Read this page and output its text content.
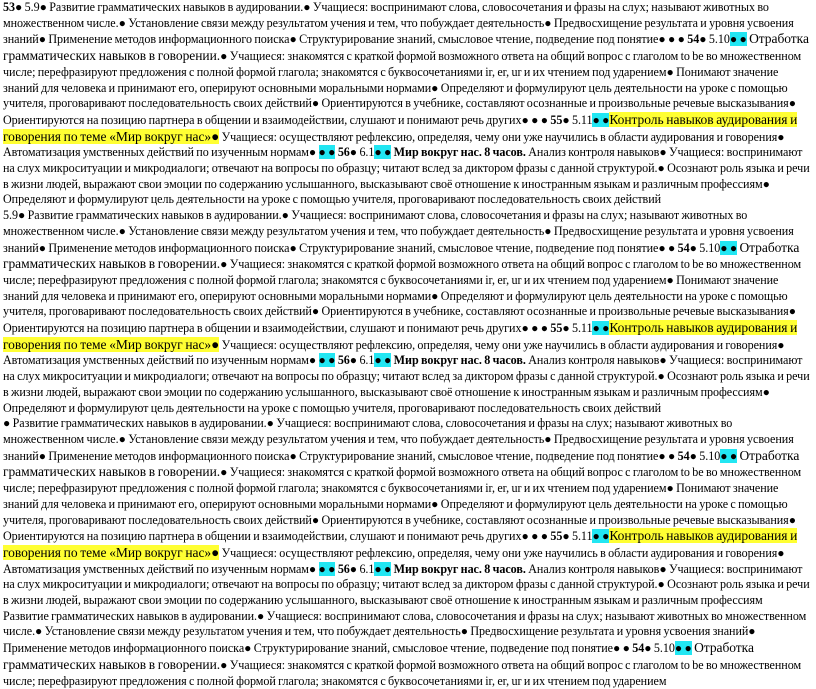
53● 5.9● Развитие грамматических навыков в аудировании.● Учащиеся: воспринимают слова, словосочетания и фразы на слух; называют животных во множественном числе.● Установление связи между результатом учения и тем, что побуждает деятельность● Предвосхищение результата и уровня усвоения знаний● Применение методов информационного поиска● Структурирование знаний, смысловое чтение, подведение под понятие● ● ● 54● 5.10● ● Отработка грамматических навыков в говорении.● Учащиеся: знакомятся с краткой формой возможного ответа на общий вопрос с глаголом to be во множественном числе; перефразируют предложения с полной формой глагола; знакомятся с буквосочетаниями ir, er, ur и их чтением под ударением● Понимают значение знаний для человека и принимают его, оперируют основными моральными нормами● Определяют и формулируют цель деятельности на уроке с помощью учителя, проговаривают последовательность своих действий● Ориентируются в учебнике, составляют осознанные и произвольные речевые высказывания● Ориентируются на позицию партнера в общении и взаимодействии, слушают и понимают речь других● ● ● 55● 5.11● ●Контроль навыков аудирования и говорения по теме «Мир вокруг нас»● Учащиеся: осуществляют рефлексию, определяя, чему они уже научились в области аудирования и говорения● Автоматизация умственных действий по изученным нормам● ● ● 56● 6.1● ● Мир вокруг нас. 8 часов. Анализ контроля навыков● Учащиеся: воспринимают на слух микроситуации и микродиалоги; отвечают на вопросы по образцу; читают вслед за диктором фразы с данной структурой.● Осознают роль языка и речи в жизни людей, выражают свои эмоции по содержанию услышанного, высказывают своё отношение к иностранным языкам и различным профессиям● Определяют и формулируют цель деятельности на уроке с помощью учителя, проговаривают последовательность своих действий
5.9● Развитие грамматических навыков в аудировании.● Учащиеся: воспринимают слова, словосочетания и фразы на слух; называют животных во множественном числе.● Установление связи между результатом учения и тем, что побуждает деятельность● Предвосхищение результата и уровня усвоения знаний● Применение методов информационного поиска● Структурирование знаний, смысловое чтение, подведение под понятие● ● 54● 5.10● ● Отработка грамматических навыков в говорении.● Учащиеся: знакомятся с краткой формой возможного ответа на общий вопрос с глаголом to be во множественном числе; перефразируют предложения с полной формой глагола; знакомятся с буквосочетаниями ir, er, ur и их чтением под ударением● Понимают значение знаний для человека и принимают его, оперируют основными моральными нормами● Определяют и формулируют цель деятельности на уроке с помощью учителя, проговаривают последовательность своих действий● Ориентируются в учебнике, составляют осознанные и произвольные речевые высказывания● Ориентируются на позицию партнера в общении и взаимодействии, слушают и понимают речь других● ● ● 55● 5.11● ●Контроль навыков аудирования и говорения по теме «Мир вокруг нас»● Учащиеся: осуществляют рефлексию, определяя, чему они уже научились в области аудирования и говорения● Автоматизация умственных действий по изученным нормам● ● ● 56● 6.1● ● Мир вокруг нас. 8 часов. Анализ контроля навыков● Учащиеся: воспринимают на слух микроситуации и микродиалоги; отвечают на вопросы по образцу; читают вслед за диктором фразы с данной структурой.● Осознают роль языка и речи в жизни людей, выражают свои эмоции по содержанию услышанного, высказывают своё отношение к иностранным языкам и различным профессиям● Определяют и формулируют цель деятельности на уроке с помощью учителя, проговаривают последовательность своих действий
● Развитие грамматических навыков в аудировании.● Учащиеся: воспринимают слова, словосочетания и фразы на слух; называют животных во множественном числе.● Установление связи между результатом учения и тем, что побуждает деятельность● Предвосхищение результата и уровня усвоения знаний● Применение методов информационного поиска● Структурирование знаний, смысловое чтение, подведение под понятие● ● 54● 5.10● ● Отработка грамматических навыков в говорении.● Учащиеся: знакомятся с краткой формой возможного ответа на общий вопрос с глаголом to be во множественном числе; перефразируют предложения с полной формой глагола; знакомятся с буквосочетаниями ir, er, ur и их чтением под ударением● Понимают значение знаний для человека и принимают его, оперируют основными моральными нормами● Определяют и формулируют цель деятельности на уроке с помощью учителя, проговаривают последовательность своих действий● Ориентируются в учебнике, составляют осознанные и произвольные речевые высказывания● Ориентируются на позицию партнера в общении и взаимодействии, слушают и понимают речь других● ● ● 55● 5.11● ●Контроль навыков аудирования и говорения по теме «Мир вокруг нас»● Учащиеся: осуществляют рефлексию, определяя, чему они уже научились в области аудирования и говорения● Автоматизация умственных действий по изученным нормам● ● ● 56● 6.1● ● Мир вокруг нас. 8 часов. Анализ контроля навыков● Учащиеся: воспринимают на слух микроситуации и микродиалоги; отвечают на вопросы по образцу; читают вслед за диктором фразы с данной структурой.● Осознают роль языка и речи в жизни людей, выражают свои эмоции по содержанию услышанного, высказывают своё отношение к иностранным языкам и различным профессиям
Развитие грамматических навыков в аудировании.● Учащиеся: воспринимают слова, словосочетания и фразы на слух; называют животных во множественном числе.● Установление связи между результатом учения и тем, что побуждает деятельность● Предвосхищение результата и уровня усвоения знаний● Применение методов информационного поиска● Структурирование знаний, смысловое чтение, подведение под понятие● ● 54● 5.10● ● Отработка грамматических навыков в говорении.● Учащиеся: знакомятся с краткой формой возможного ответа на общий вопрос с глаголом to be во множественном числе; перефразируют предложения с полной формой глагола; знакомятся с буквосочетаниями ir, er, ur и их чтением под ударением
